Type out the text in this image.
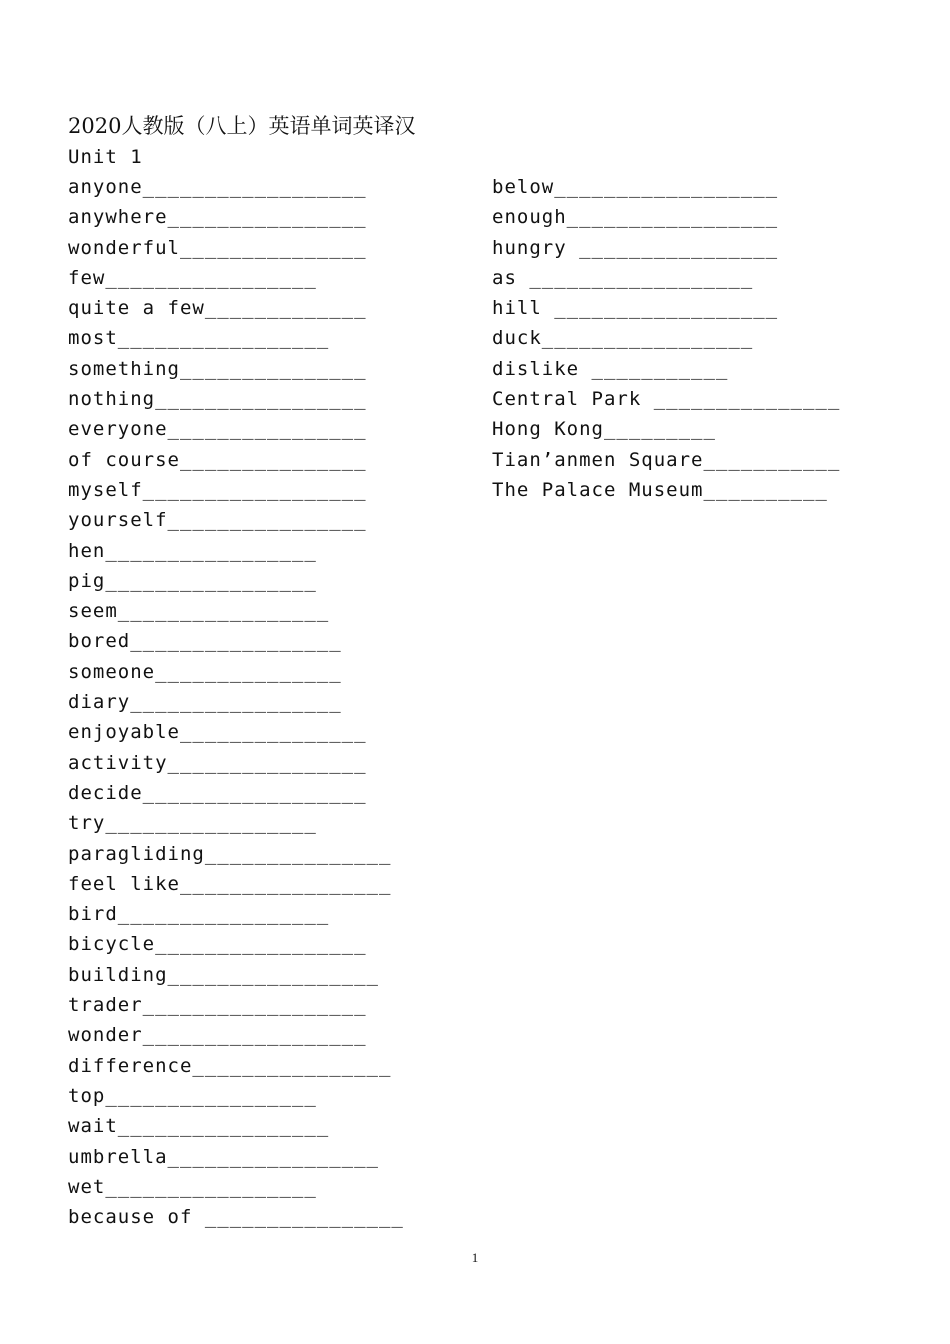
2020人教版（八上）英语单词英译汉
Unit 1
anyone__________________
anywhere________________
wonderful_______________
few_________________
quite a few_____________
most_________________
something_______________
nothing_________________
everyone________________
of course_______________
myself__________________
yourself________________
hen_________________
pig_________________
seem_________________
bored_________________
someone_______________
diary_________________
enjoyable_______________
activity________________
decide__________________
try_________________
paragliding_______________
feel like_________________
bird_________________
bicycle_________________
building_________________
trader__________________
wonder__________________
difference________________
top_________________
wait_________________
umbrella_________________
wet_________________
because of ________________
below__________________
enough_________________
hungry ________________
as __________________
hill __________________
duck_________________
dislike ___________
Central Park _______________
Hong Kong_________
Tian’anmen Square___________
The Palace Museum__________
1
